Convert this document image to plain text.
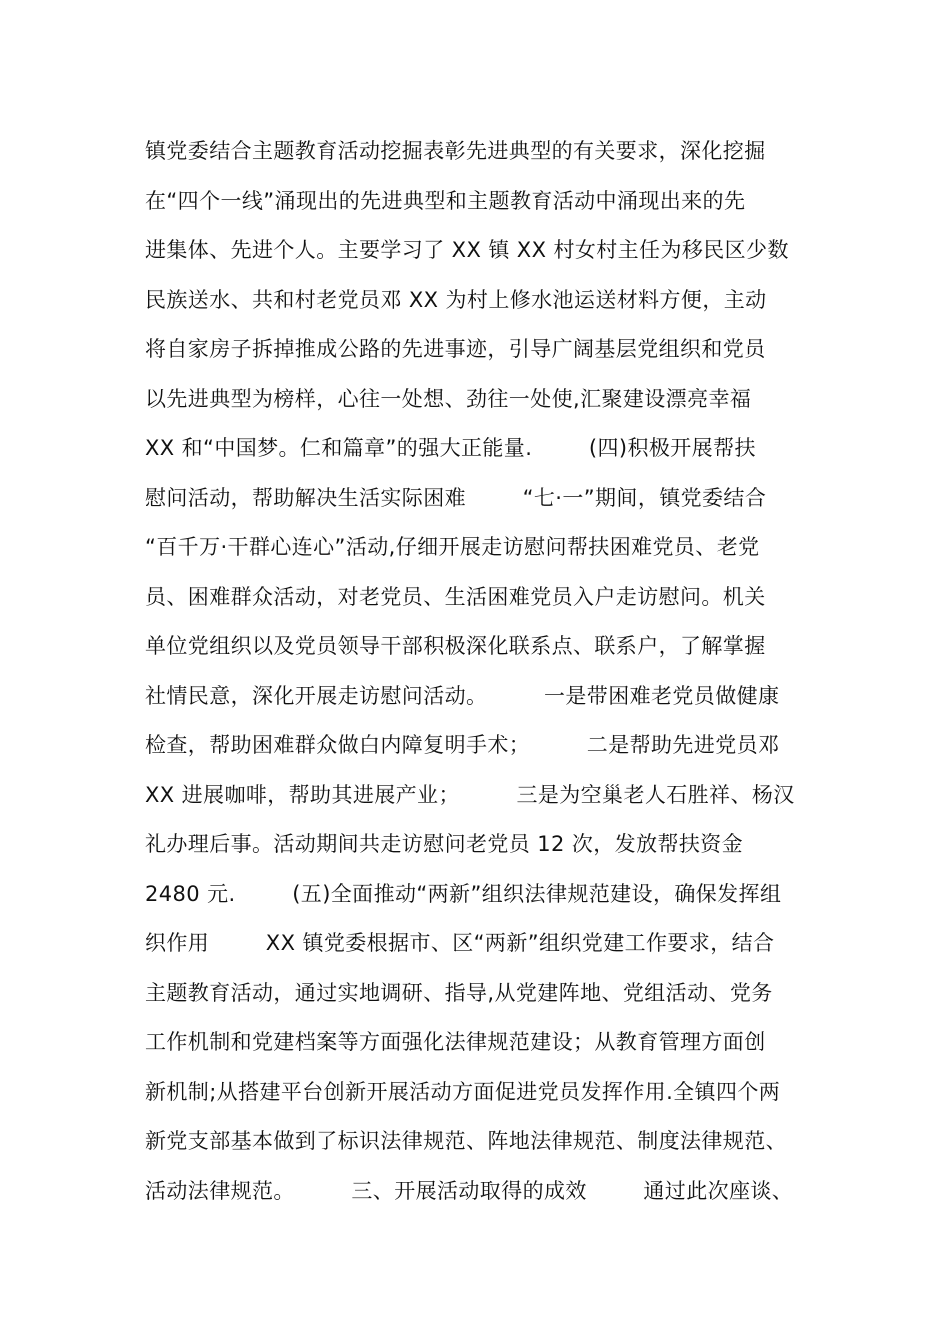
镇党委结合主题教育活动挖掘表彰先进典型的有关要求，深化挖掘
在“四个一线”涌现出的先进典型和主题教育活动中涌现出来的先
进集体、先进个人。主要学习了 XX 镇 XX 村女村主任为移民区少数
民族送水、共和村老党员邓 XX 为村上修水池运送材料方便，主动
将自家房子拆掉推成公路的先进事迹，引导广阔基层党组织和党员
以先进典型为榜样，心往一处想、劲往一处使,汇聚建设漂亮幸福
XX 和“中国梦。仁和篇章”的强大正能量.        (四)积极开展帮扶
慰问活动，帮助解决生活实际困难        “七·一”期间，镇党委结合
“百千万·干群心连心”活动,仔细开展走访慰问帮扶困难党员、老党
员、困难群众活动，对老党员、生活困难党员入户走访慰问。机关
单位党组织以及党员领导干部积极深化联系点、联系户，了解掌握
社情民意，深化开展走访慰问活动。        一是带困难老党员做健康
检查，帮助困难群众做白内障复明手术；        二是帮助先进党员邓
XX 进展咖啡，帮助其进展产业；        三是为空巢老人石胜祥、杨汉
礼办理后事。活动期间共走访慰问老党员 12 次，发放帮扶资金
2480 元.        (五)全面推动“两新”组织法律规范建设，确保发挥组
织作用        XX 镇党委根据市、区“两新”组织党建工作要求，结合
主题教育活动，通过实地调研、指导,从党建阵地、党组活动、党务
工作机制和党建档案等方面强化法律规范建设；从教育管理方面创
新机制;从搭建平台创新开展活动方面促进党员发挥作用.全镇四个两
新党支部基本做到了标识法律规范、阵地法律规范、制度法律规范、
活动法律规范。        三、开展活动取得的成效        通过此次座谈、
